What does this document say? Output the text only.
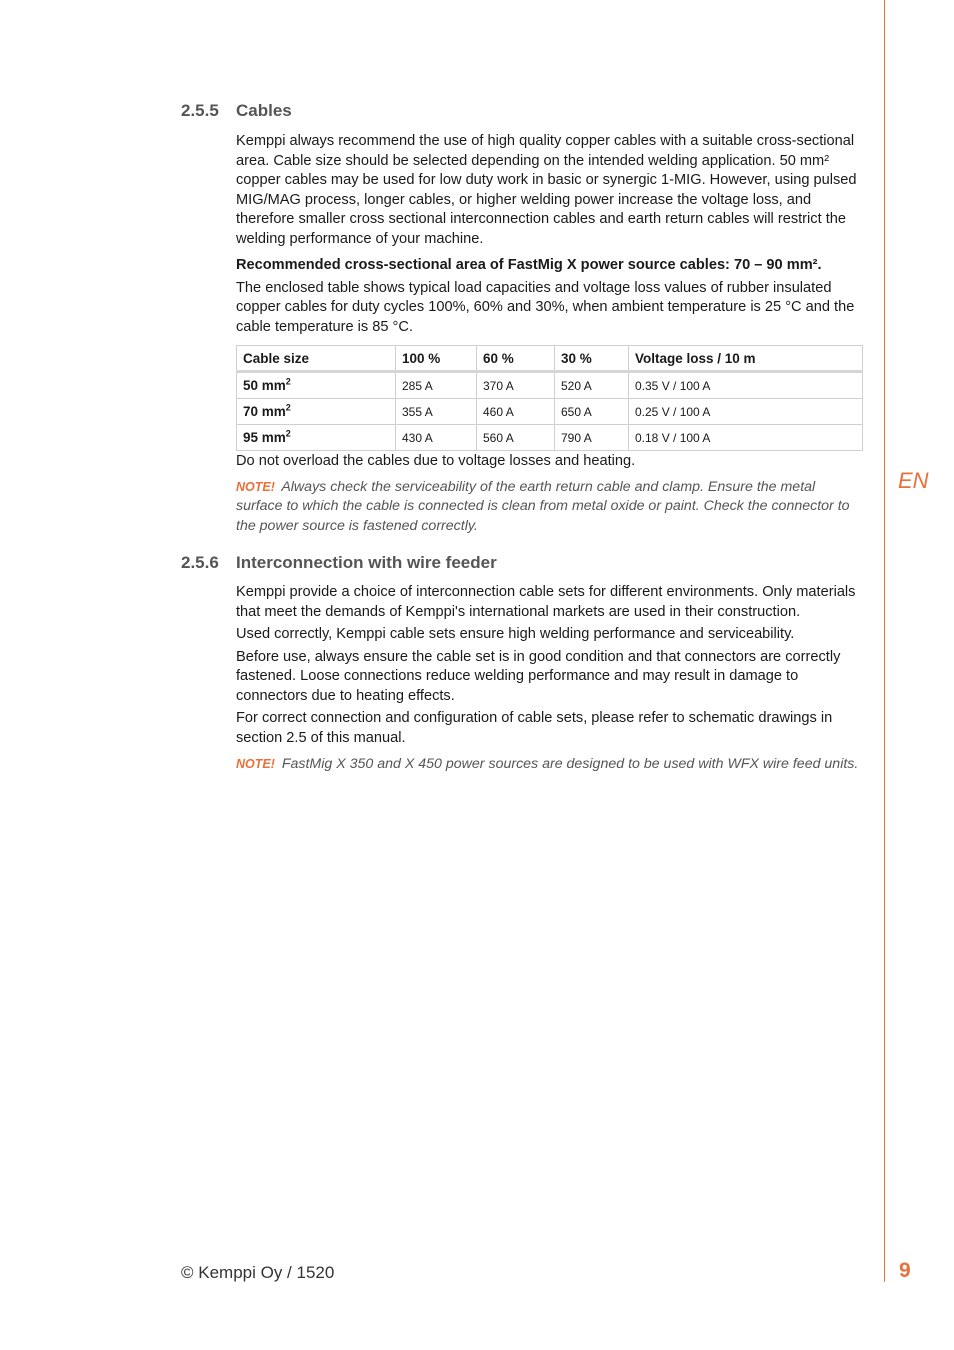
EN
2.5.5 Cables

Kemppi always recommend the use of high quality copper cables with a suitable cross-sectional area. Cable size should be selected depending on the intended welding application. 50 mm² copper cables may be used for low duty work in basic or synergic 1-MIG. However, using pulsed MIG/MAG process, longer cables, or higher welding power increase the voltage loss, and therefore smaller cross sectional interconnection cables and earth return cables will restrict the welding performance of your machine.

Recommended cross-sectional area of FastMig X power source cables: 70 – 90 mm².

The enclosed table shows typical load capacities and voltage loss values of rubber insulated copper cables for duty cycles 100%, 60% and 30%, when ambient temperature is 25 °C and the cable temperature is 85 °C.

Cable size	100 %	60 %	30 %	Voltage loss / 10 m
50 $mm^2$	285 A	370 A	520 A	0.35 V / 100 A
70 $mm^2$	355 A	460 A	650 A	0.25 V / 100 A
95 $mm^2$	430 A	560 A	790 A	0.18 V / 100 A

Do not overload the cables due to voltage losses and heating.

NOTE! Always check the serviceability of the earth return cable and clamp. Ensure the metal surface to which the cable is connected is clean from metal oxide or paint. Check the connector to the power source is fastened correctly.

2.5.6 Interconnection with wire feeder

Kemppi provide a choice of interconnection cable sets for different environments. Only materials that meet the demands of Kemppi's international markets are used in their construction.

Used correctly, Kemppi cable sets ensure high welding performance and serviceability.

Before use, always ensure the cable set is in good condition and that connectors are correctly fastened. Loose connections reduce welding performance and may result in damage to connectors due to heating effects.

For correct connection and configuration of cable sets, please refer to schematic drawings in section 2.5 of this manual.

NOTE! FastMig X 350 and X 450 power sources are designed to be used with WFX wire feed units.

© Kemppi Oy / 1520	9
